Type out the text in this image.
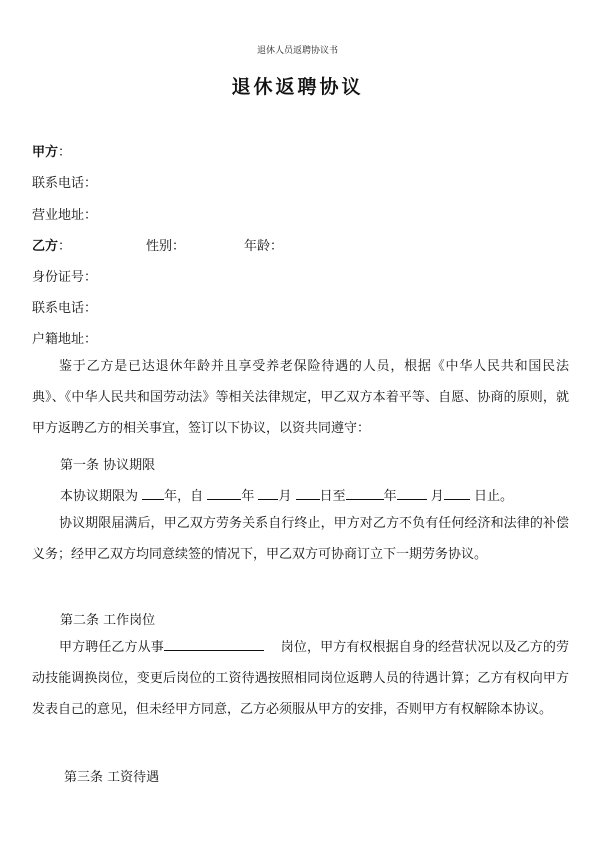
退休人员返聘协议书
退休返聘协议
甲方：
联系电话：
营业地址：
乙方：	性别：	年龄：
身份证号：
联系电话：
户籍地址：
鉴于乙方是已达退休年龄并且享受养老保险待遇的人员，根据《中华人民共和国民法典》、《中华人民共和国劳动法》等相关法律规定，甲乙双方本着平等、自愿、协商的原则，就甲方返聘乙方的相关事宜，签订以下协议，以资共同遵守：
第一条 协议期限
本协议期限为 年，自	年 月 日至	年	月 日止。
协议期限届满后，甲乙双方劳务关系自行终止，甲方对乙方不负有任何经济和法律的补偿义务；经甲乙双方均同意续签的情况下，甲乙双方可协商订立下一期劳务协议。
第二条 工作岗位
甲方聘任乙方从事	岗位，甲方有权根据自身的经营状况以及乙方的劳动技能调换岗位，变更后岗位的工资待遇按照相同岗位返聘人员的待遇计算；乙方有权向甲方发表自己的意见，但未经甲方同意，乙方必须服从甲方的安排，否则甲方有权解除本协议。
第三条 工资待遇
